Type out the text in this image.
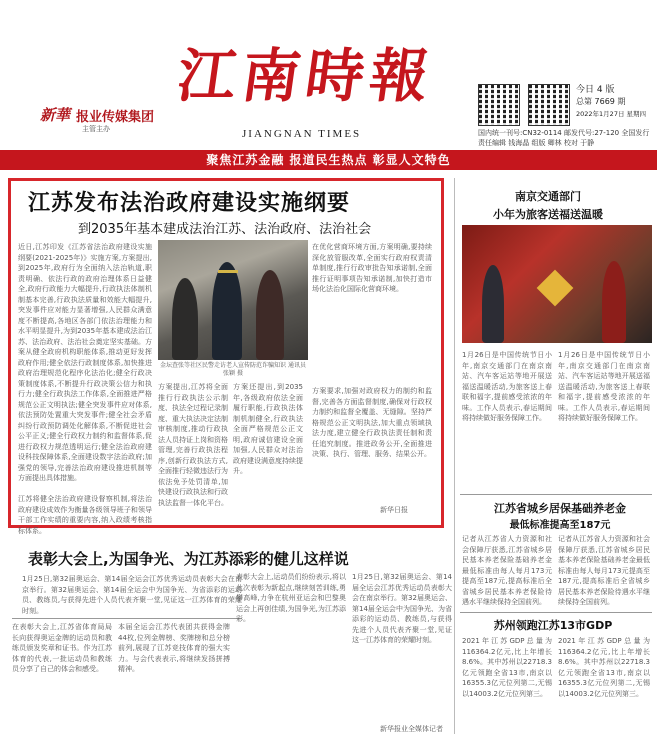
新華 报业传媒集团
主管主办
江南時報
JIANGNAN TIMES
今日 4 版
总第 7669 期
2022年1月27日 星期四
国内统一刊号:CN32-0114 邮发代号:27-120 全国发行
责任编辑 钱海晶 组版 卿林 校对 于静
聚焦江苏金融 报道民生热点 彰显人文特色
江苏发布法治政府建设实施纲要
到2035年基本建成法治江苏、法治政府、法治社会
近日,江苏印发《江苏省法治政府建设实施纲要(2021-2025年)》实施方案,方案提出,到2025年,政府行为全面纳入法治轨道,职责明确、依法行政的政府治理体系日益健全,政府行政能力大幅提升,行政执法体制机制基本完善,行政执法质量和效能大幅提升,突发事件应对能力显著增强,人民群众满意度不断提高,各地区各部门依法治理能力和水平明显提升,为到2035年基本建成法治江苏、法治政府、法治社会奠定坚实基础。方案从健全政府机构职能体系,推动更好发挥政府作用;健全依法行政制度体系,加快推进政府治理规范化程序化法治化;健全行政决策制度体系,不断提升行政决策公信力和执行力;健全行政执法工作体系,全面推进严格规范公正文明执法;健全突发事件应对体系,依法预防处置重大突发事件;健全社会矛盾纠纷行政预防调处化解体系,不断促进社会公平正义;健全行政权力制约和监督体系,促进行政权力规范透明运行;健全法治政府建设科技保障体系,全面建设数字法治政府;加强党的领导,完善法治政府建设推进机制等方面提出具体措施。
金坛查张等社区民警走访老人宣传防范诈骗知识 通讯员 张颖 摄
在优化营商环境方面,方案明确,要持续深化放管服改革,全面实行政府权责清单制度,推行行政审批告知承诺制,全面推行证明事项告知承诺制,加快打造市场化法治化国际化营商环境。
方案提出,江苏将全面推行行政执法公示制度、执法全过程记录制度、重大执法决定法制审核制度,推动行政执法人员持证上岗和资格管理,完善行政执法程序,创新行政执法方式,全面推行轻微违法行为依法免予处罚清单,加快建设行政执法和行政执法监督一体化平台。
方案还提出,到2035年,各级政府依法全面履行职能,行政执法体制机制健全,行政执法全面严格规范公正文明,政府诚信建设全面加强,人民群众对法治政府建设满意度持续提升。
方案要求,加强对政府权力的制约和监督,完善各方面监督制度,确保对行政权力制约和监督全覆盖、无缝隙。坚持严格规范公正文明执法,加大重点领域执法力度,建立健全行政执法责任制和责任追究制度。推进政务公开,全面推进决策、执行、管理、服务、结果公开。
江苏将健全法治政府建设督察机制,将法治政府建设成效作为衡量各级领导班子和领导干部工作实绩的重要内容,纳入政绩考核指标体系。
新华日报
表彰大会上,为国争光、为江苏添彩的健儿这样说
1月25日,第32届奥运会、第14届全运会江苏优秀运动员表彰大会在南京举行。第32届奥运会、第14届全运会中为国争光、为省添彩的运动员、教练员,与获得先进个人员代表齐聚一堂,见证这一江苏体育的荣耀时刻。
在表彰大会上,江苏省体育局局长向获得奥运金牌的运动员和教练员颁发奖章和证书。作为江苏体育的代表,一批运动员和教练员分享了自己的体会和感受。
本届全运会江苏代表团共获得金牌44枚,位列金牌榜、奖牌榜和总分榜前列,展现了江苏竞技体育的强大实力。与会代表表示,将继续发扬拼搏精神。
表彰大会上,运动员们纷纷表示,将以此次表彰为新起点,继续刻苦训练,勇攀高峰,力争在杭州亚运会和巴黎奥运会上再创佳绩,为国争光,为江苏添彩。
1月25日,第32届奥运会、第14届全运会江苏优秀运动员表彰大会在南京举行。第32届奥运会、第14届全运会中为国争光、为省添彩的运动员、教练员,与获得先进个人员代表齐聚一堂,见证这一江苏体育的荣耀时刻。
新华报业全媒体记者
南京交通部门
小年为旅客送福送温暖
1月26日是中国传统节日小年,南京交通部门在南京南站、汽车客运站等地开展送福送温暖活动,为旅客送上春联和福字,提前感受浓浓的年味。工作人员表示,春运期间将持续做好服务保障工作。
1月26日是中国传统节日小年,南京交通部门在南京南站、汽车客运站等地开展送福送温暖活动,为旅客送上春联和福字,提前感受浓浓的年味。工作人员表示,春运期间将持续做好服务保障工作。
江苏省城乡居保基础养老金
最低标准提高至187元
记者从江苏省人力资源和社会保障厅获悉,江苏省城乡居民基本养老保险基础养老金最低标准由每人每月173元提高至187元,提高标准后全省城乡居民基本养老保险待遇水平继续保持全国前列。
记者从江苏省人力资源和社会保障厅获悉,江苏省城乡居民基本养老保险基础养老金最低标准由每人每月173元提高至187元,提高标准后全省城乡居民基本养老保险待遇水平继续保持全国前列。
苏州领跑江苏13市GDP
2021年江苏GDP总量为116364.2亿元,比上年增长8.6%。其中苏州以22718.3亿元领跑全省13市,南京以16355.3亿元位列第二,无锡以14003.2亿元位列第三。
2021年江苏GDP总量为116364.2亿元,比上年增长8.6%。其中苏州以22718.3亿元领跑全省13市,南京以16355.3亿元位列第二,无锡以14003.2亿元位列第三。
